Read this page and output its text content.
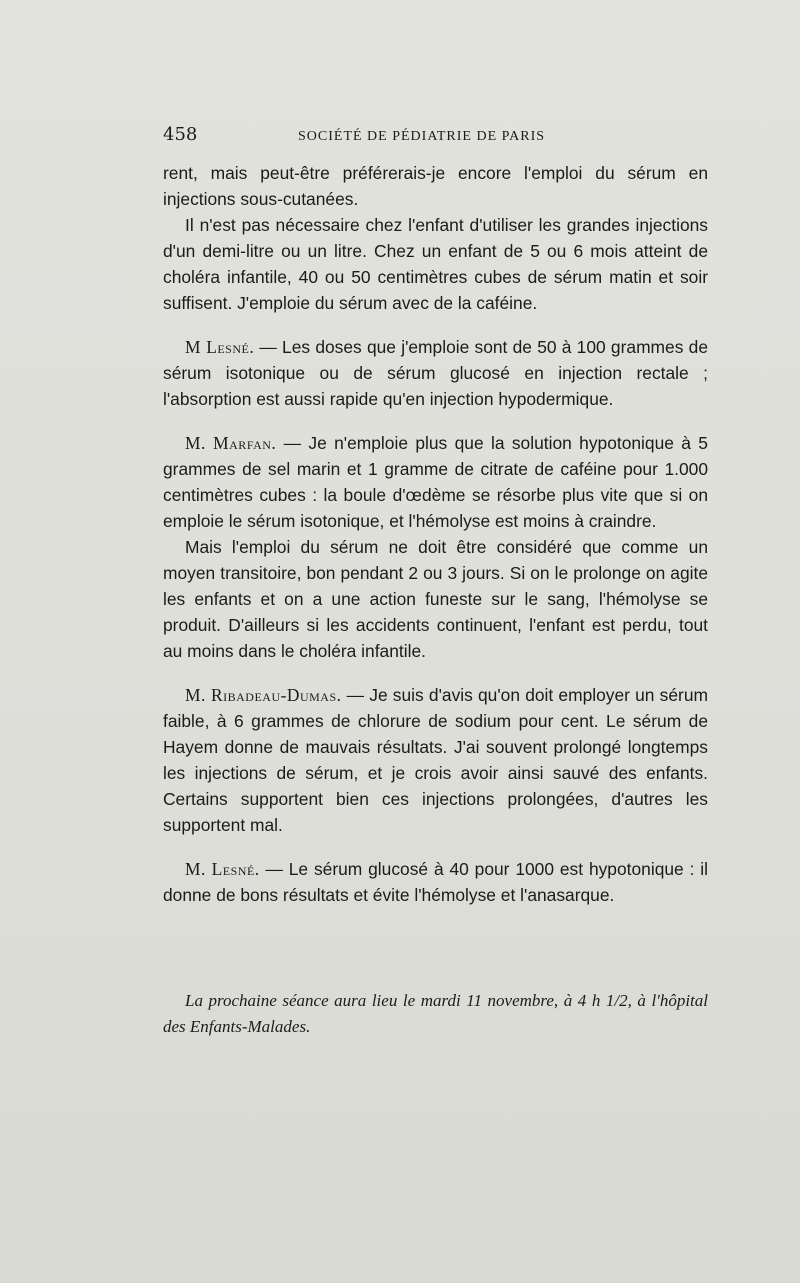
458	SOCIÉTÉ DE PÉDIATRIE DE PARIS

rent, mais peut-être préférerais-je encore l'emploi du sérum en injections sous-cutanées.

Il n'est pas nécessaire chez l'enfant d'utiliser les grandes injections d'un demi-litre ou un litre. Chez un enfant de 5 ou 6 mois atteint de choléra infantile, 40 ou 50 centimètres cubes de sérum matin et soir suffisent. J'emploie du sérum avec de la caféine.

M Lesné. — Les doses que j'emploie sont de 50 à 100 grammes de sérum isotonique ou de sérum glucosé en injection rectale ; l'absorption est aussi rapide qu'en injection hypodermique.

M. Marfan. — Je n'emploie plus que la solution hypotonique à 5 grammes de sel marin et 1 gramme de citrate de caféine pour 1.000 centimètres cubes : la boule d'œdème se résorbe plus vite que si on emploie le sérum isotonique, et l'hémolyse est moins à craindre.

Mais l'emploi du sérum ne doit être considéré que comme un moyen transitoire, bon pendant 2 ou 3 jours. Si on le prolonge on agite les enfants et on a une action funeste sur le sang, l'hémolyse se produit. D'ailleurs si les accidents continuent, l'enfant est perdu, tout au moins dans le choléra infantile.

M. Ribadeau-Dumas. — Je suis d'avis qu'on doit employer un sérum faible, à 6 grammes de chlorure de sodium pour cent. Le sérum de Hayem donne de mauvais résultats. J'ai souvent prolongé longtemps les injections de sérum, et je crois avoir ainsi sauvé des enfants. Certains supportent bien ces injections prolongées, d'autres les supportent mal.

M. Lesné. — Le sérum glucosé à 40 pour 1000 est hypotonique : il donne de bons résultats et évite l'hémolyse et l'anasarque.

La prochaine séance aura lieu le mardi 11 novembre, à 4 h 1/2, à l'hôpital des Enfants-Malades.
